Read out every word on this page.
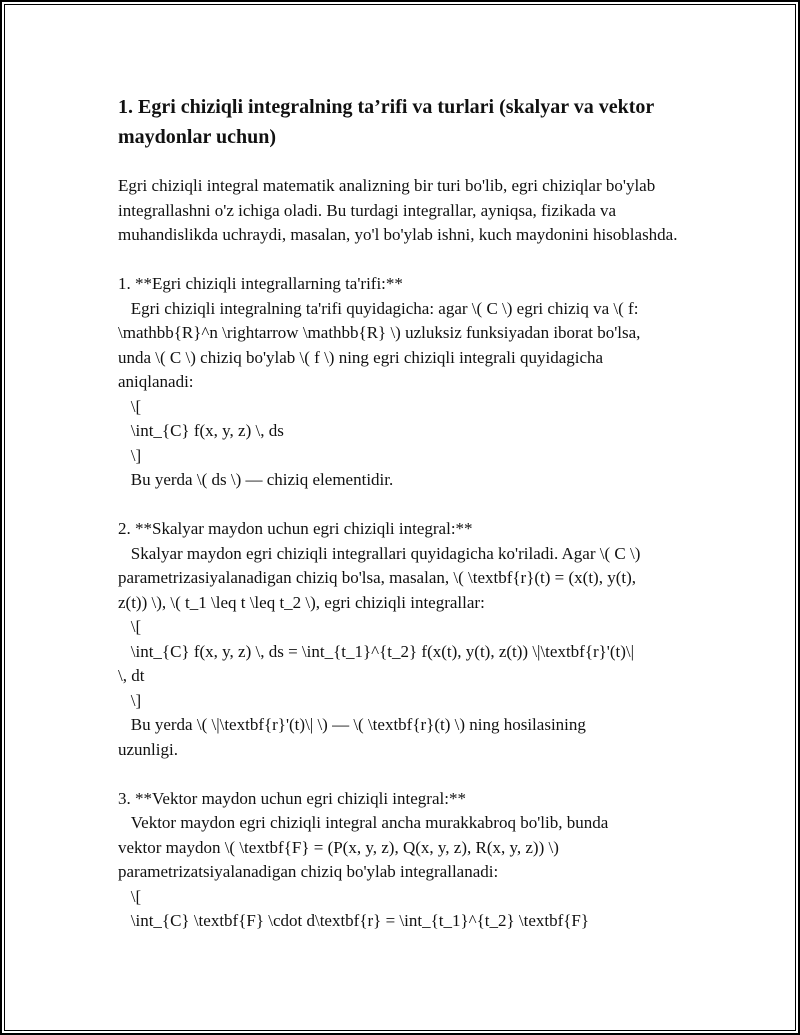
1. Egri chiziqli integralning ta’rifi va turlari (skalyar va vektor maydonlar uchun)

Egri chiziqli integral matematik analizning bir turi bo'lib, egri chiziqlar bo'ylab integrallashni o'z ichiga oladi. Bu turdagi integrallar, ayniqsa, fizikada va muhandislikda uchraydi, masalan, yo'l bo'ylab ishni, kuch maydonini hisoblashda.

1. **Egri chiziqli integrallarning ta'rifi:**
Egri chiziqli integralning ta'rifi quyidagicha: agar \( C \) egri chiziq va \( f:
\mathbb{R}^n \rightarrow \mathbb{R} \) uzluksiz funksiyadan iborat bo'lsa,
unda \( C \) chiziq bo'ylab \( f \) ning egri chiziqli integrali quyidagicha
aniqlanadi:
\[
\int_{C} f(x, y, z) \, ds
\]
Bu yerda \( ds \) — chiziq elementidir.
2. **Skalyar maydon uchun egri chiziqli integral:**
Skalyar maydon egri chiziqli integrallari quyidagicha ko'riladi. Agar \( C \)
parametrizasiyalanadigan chiziq bo'lsa, masalan, \( \textbf{r}(t) = (x(t), y(t),
z(t)) \), \( t_1 \leq t \leq t_2 \), egri chiziqli integrallar:
\[
\int_{C} f(x, y, z) \, ds = \int_{t_1}^{t_2} f(x(t), y(t), z(t)) \|\textbf{r}'(t)\|
\, dt
\]
Bu yerda \( \|\textbf{r}'(t)\| \) — \( \textbf{r}(t) \) ning hosilasining
uzunligi.
3. **Vektor maydon uchun egri chiziqli integral:**
Vektor maydon egri chiziqli integral ancha murakkabroq bo'lib, bunda
vektor maydon \( \textbf{F} = (P(x, y, z), Q(x, y, z), R(x, y, z)) \)
parametrizatsiyalanadigan chiziq bo'ylab integrallanadi:
\[
\int_{C} \textbf{F} \cdot d\textbf{r} = \int_{t_1}^{t_2} \textbf{F}
